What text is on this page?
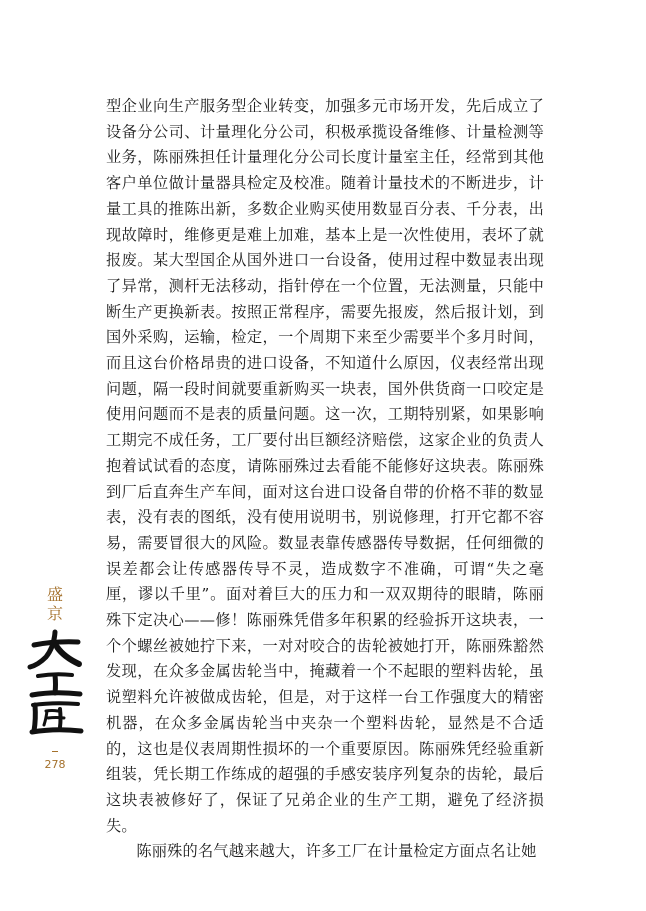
型企业向生产服务型企业转变，加强多元市场开发，先后成立了设备分公司、计量理化分公司，积极承揽设备维修、计量检测等业务，陈丽殊担任计量理化分公司长度计量室主任，经常到其他客户单位做计量器具检定及校准。随着计量技术的不断进步，计量工具的推陈出新，多数企业购买使用数显百分表、千分表，出现故障时，维修更是难上加难，基本上是一次性使用，表坏了就报废。某大型国企从国外进口一台设备，使用过程中数显表出现了异常，测杆无法移动，指针停在一个位置，无法测量，只能中断生产更换新表。按照正常程序，需要先报废，然后报计划，到国外采购，运输，检定，一个周期下来至少需要半个多月时间，而且这台价格昂贵的进口设备，不知道什么原因，仪表经常出现问题，隔一段时间就要重新购买一块表，国外供货商一口咬定是使用问题而不是表的质量问题。这一次，工期特别紧，如果影响工期完不成任务，工厂要付出巨额经济赔偿，这家企业的负责人抱着试试看的态度，请陈丽殊过去看能不能修好这块表。陈丽殊到厂后直奔生产车间，面对这台进口设备自带的价格不菲的数显表，没有表的图纸，没有使用说明书，别说修理，打开它都不容易，需要冒很大的风险。数显表靠传感器传导数据，任何细微的误差都会让传感器传导不灵，造成数字不准确，可谓“失之毫厘，谬以千里”。面对着巨大的压力和一双双期待的眼睛，陈丽殊下定决心——修！陈丽殊凭借多年积累的经验拆开这块表，一个个螺丝被她拧下来，一对对咬合的齿轮被她打开，陈丽殊豁然发现，在众多金属齿轮当中，掩藏着一个不起眼的塑料齿轮，虽说塑料允许被做成齿轮，但是，对于这样一台工作强度大的精密机器，在众多金属齿轮当中夹杂一个塑料齿轮，显然是不合适的，这也是仪表周期性损坏的一个重要原因。陈丽殊凭经验重新组装，凭长期工作练成的超强的手感安装序列复杂的齿轮，最后这块表被修好了，保证了兄弟企业的生产工期，避免了经济损失。

陈丽殊的名气越来越大，许多工厂在计量检定方面点名让她

盛京
278
